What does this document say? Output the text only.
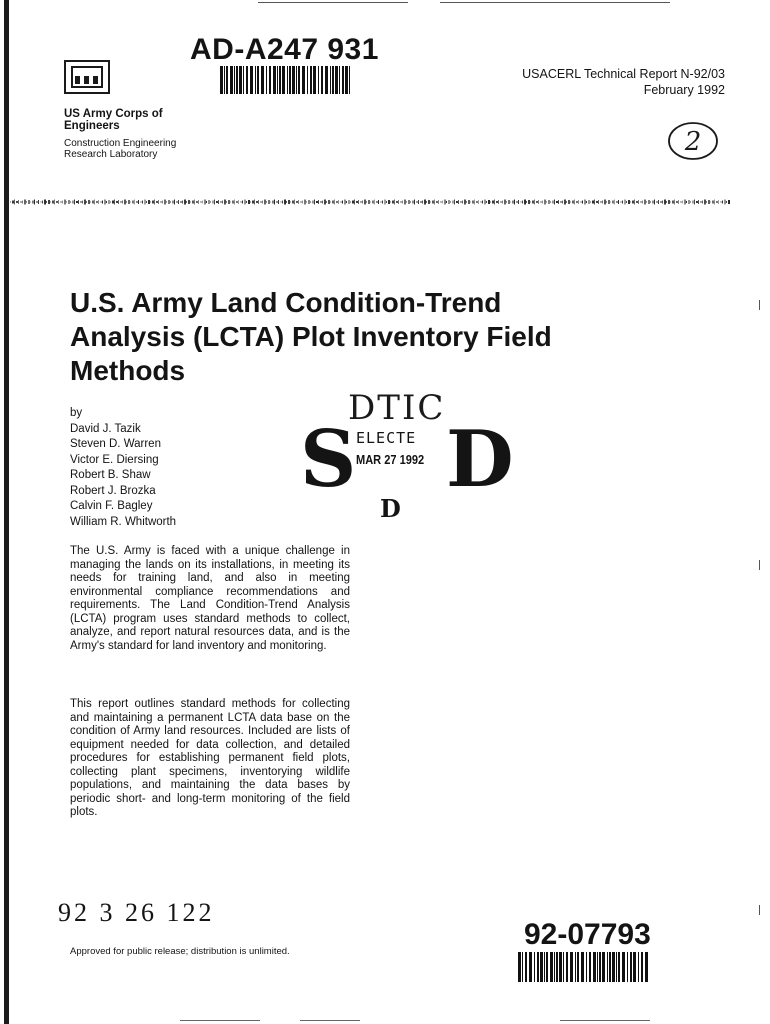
US Army Corps of Engineers
Construction Engineering Research Laboratory
AD-A247 931
USACERL Technical Report N-92/03
February 1992
2
U.S. Army Land Condition-Trend Analysis (LCTA) Plot Inventory Field Methods
by
David J. Tazik
Steven D. Warren
Victor E. Diersing
Robert B. Shaw
Robert J. Brozka
Calvin F. Bagley
William R. Whitworth
DTIC
ELECTE
MAR 27 1992
S D
D
The U.S. Army is faced with a unique challenge in managing the lands on its installations, in meeting its needs for training land, and also in meeting environmental compliance recommendations and requirements. The Land Condition-Trend Analysis (LCTA) program uses standard methods to collect, analyze, and report natural resources data, and is the Army's standard for land inventory and monitoring.
This report outlines standard methods for collecting and maintaining a permanent LCTA data base on the condition of Army land resources. Included are lists of equipment needed for data collection, and detailed procedures for establishing permanent field plots, collecting plant specimens, inventorying wildlife populations, and maintaining the data bases by periodic short- and long-term monitoring of the field plots.
92 3 26 122
Approved for public release; distribution is unlimited.
92-07793
